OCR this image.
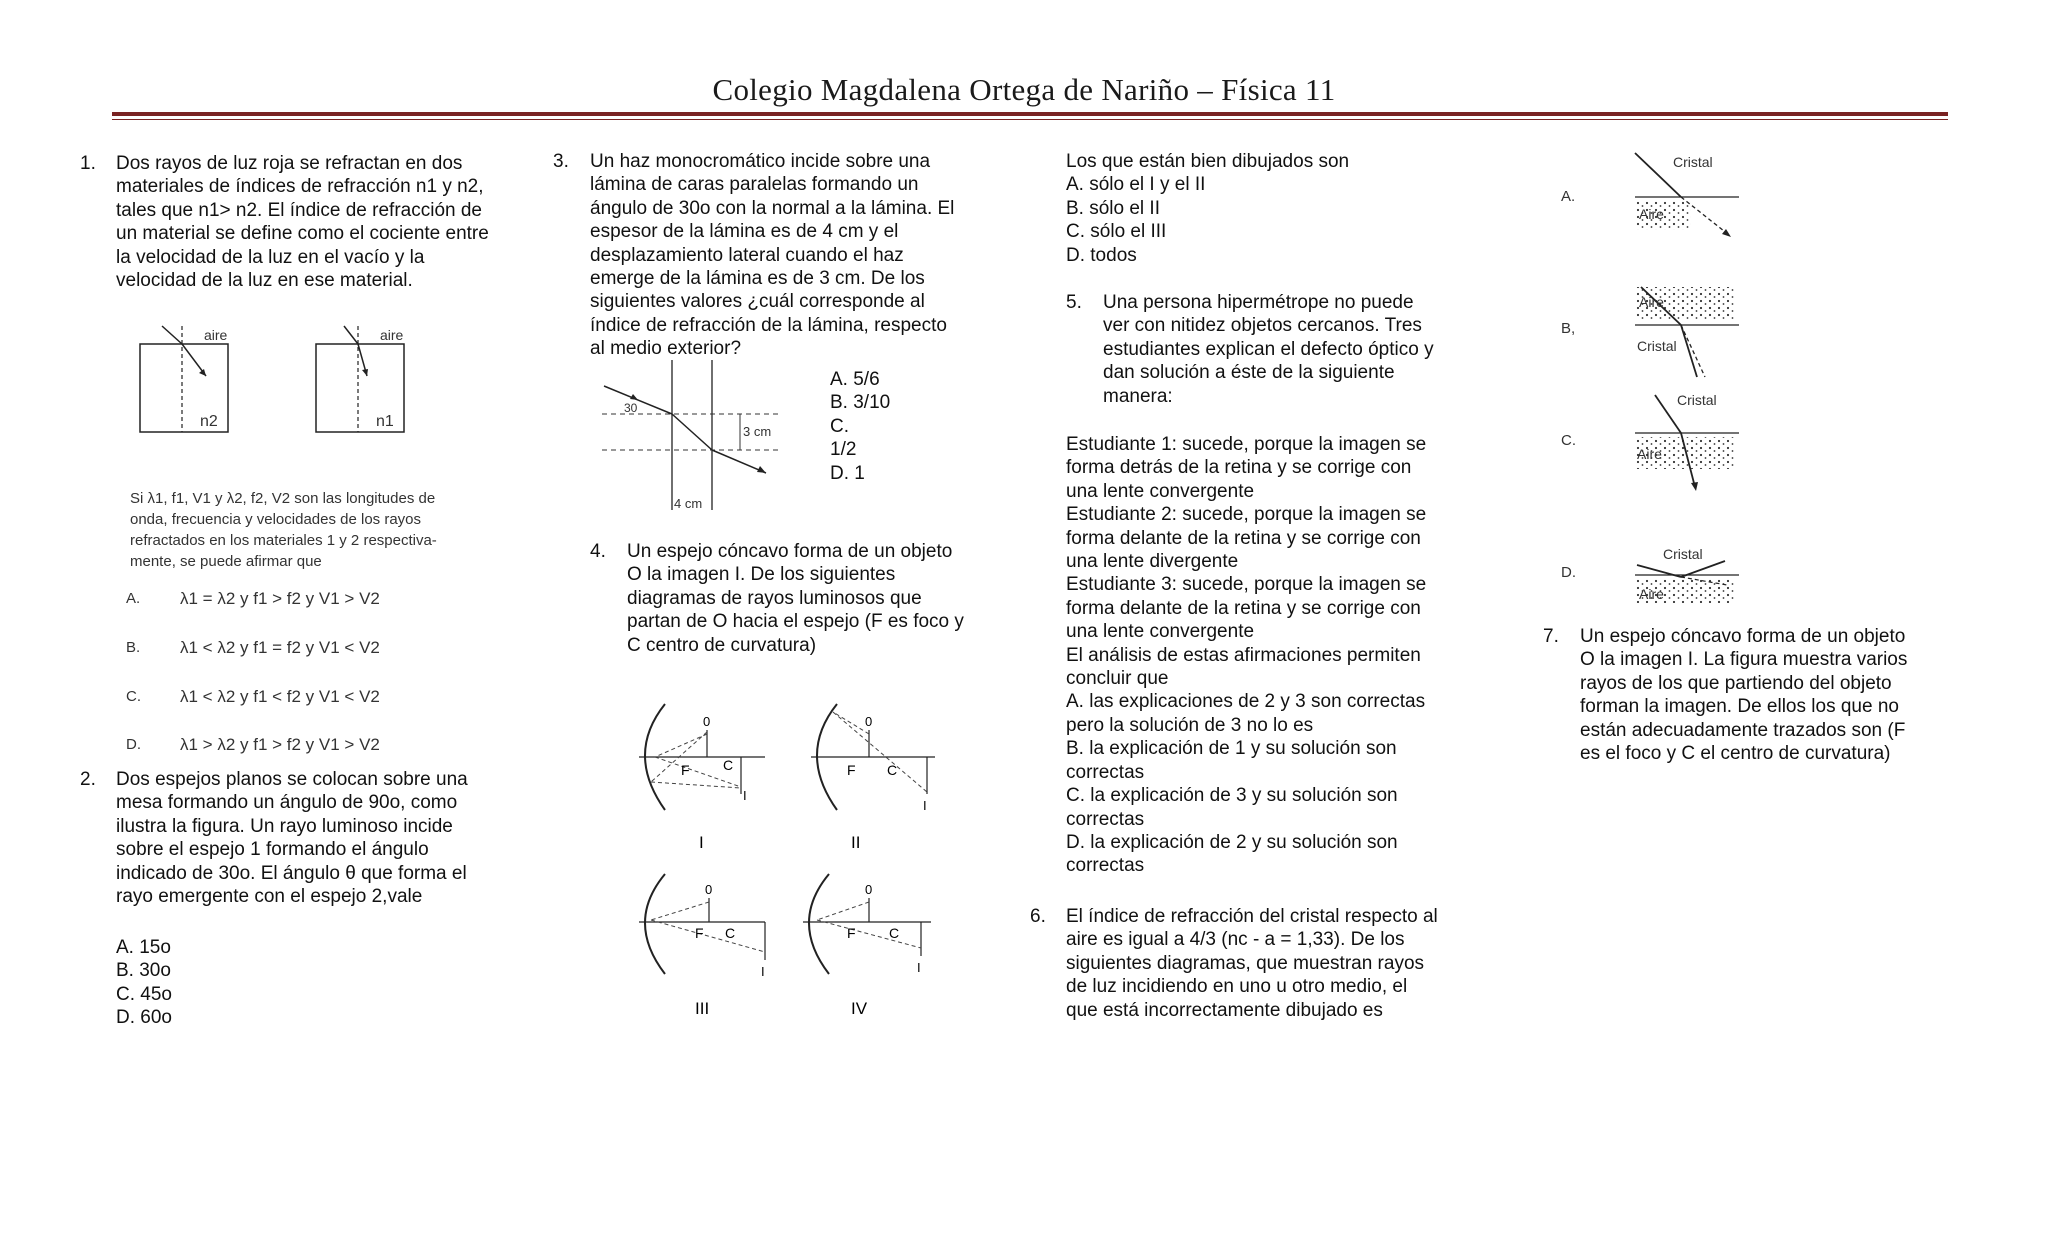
Colegio Magdalena Ortega de Nariño – Física 11
1. Dos rayos de luz roja se refractan en dos
materiales de índices de refracción n1 y n2,
tales que n1> n2. El índice de refracción de
un material se define como el cociente entre
la velocidad de la luz en el vacío y la
velocidad de la luz en ese material.
aire
n2
aire
n1
Si λ1, f1, V1 y λ2, f2, V2 son las longitudes de
onda, frecuencia y velocidades de los rayos
refractados en los materiales 1 y 2 respectiva-
mente, se puede afirmar que
A. λ1 = λ2 y f1 > f2 y V1 > V2
B. λ1 < λ2 y f1 = f2 y V1 < V2
C. λ1 < λ2 y f1 < f2 y V1 < V2
D. λ1 > λ2 y f1 > f2 y V1 > V2
2. Dos espejos planos se colocan sobre una
mesa formando un ángulo de 90o, como
ilustra la figura. Un rayo luminoso incide
sobre el espejo 1 formando el ángulo
indicado de 30o. El ángulo θ que forma el
rayo emergente con el espejo 2,vale
A. 15o
B. 30o
C. 45o
D. 60o
3. Un haz monocromático incide sobre una
lámina de caras paralelas formando un
ángulo de 30o con la normal a la lámina. El
espesor de la lámina es de 4 cm y el
desplazamiento lateral cuando el haz
emerge de la lámina es de 3 cm. De los
siguientes valores ¿cuál corresponde al
índice de refracción de la lámina, respecto
al medio exterior?
30
3 cm
4 cm
A. 5/6
B. 3/10
C.
1/2
D. 1
4. Un espejo cóncavo forma de un objeto
O la imagen I. De los siguientes
diagramas de rayos luminosos que
partan de O hacia el espejo (F es foco y
C centro de curvatura)
0
F C
I
I
0
F C
I
II
0
F C
I
III
0
F C
I
IV
Los que están bien dibujados son
A. sólo el I y el II
B. sólo el II
C. sólo el III
D. todos
5. Una persona hipermétrope no puede
ver con nitidez objetos cercanos. Tres
estudiantes explican el defecto óptico y
dan solución a éste de la siguiente
manera:
Estudiante 1: sucede, porque la imagen se
forma detrás de la retina y se corrige con
una lente convergente
Estudiante 2: sucede, porque la imagen se
forma delante de la retina y se corrige con
una lente divergente
Estudiante 3: sucede, porque la imagen se
forma delante de la retina y se corrige con
una lente convergente
El análisis de estas afirmaciones permiten
concluir que
A. las explicaciones de 2 y 3 son correctas
pero la solución de 3 no lo es
B. la explicación de 1 y su solución son
correctas
C. la explicación de 3 y su solución son
correctas
D. la explicación de 2 y su solución son
correctas
6. El índice de refracción del cristal respecto al
aire es igual a 4/3 (nc - a = 1,33). De los
siguientes diagramas, que muestran rayos
de luz incidiendo en uno u otro medio, el
que está incorrectamente dibujado es
A.
Cristal
Aire
B,
Aire
Cristal
C.
Cristal
Aire
D.
Cristal
Aire
7. Un espejo cóncavo forma de un objeto
O la imagen I. La figura muestra varios
rayos de los que partiendo del objeto
forman la imagen. De ellos los que no
están adecuadamente trazados son (F
es el foco y C el centro de curvatura)
